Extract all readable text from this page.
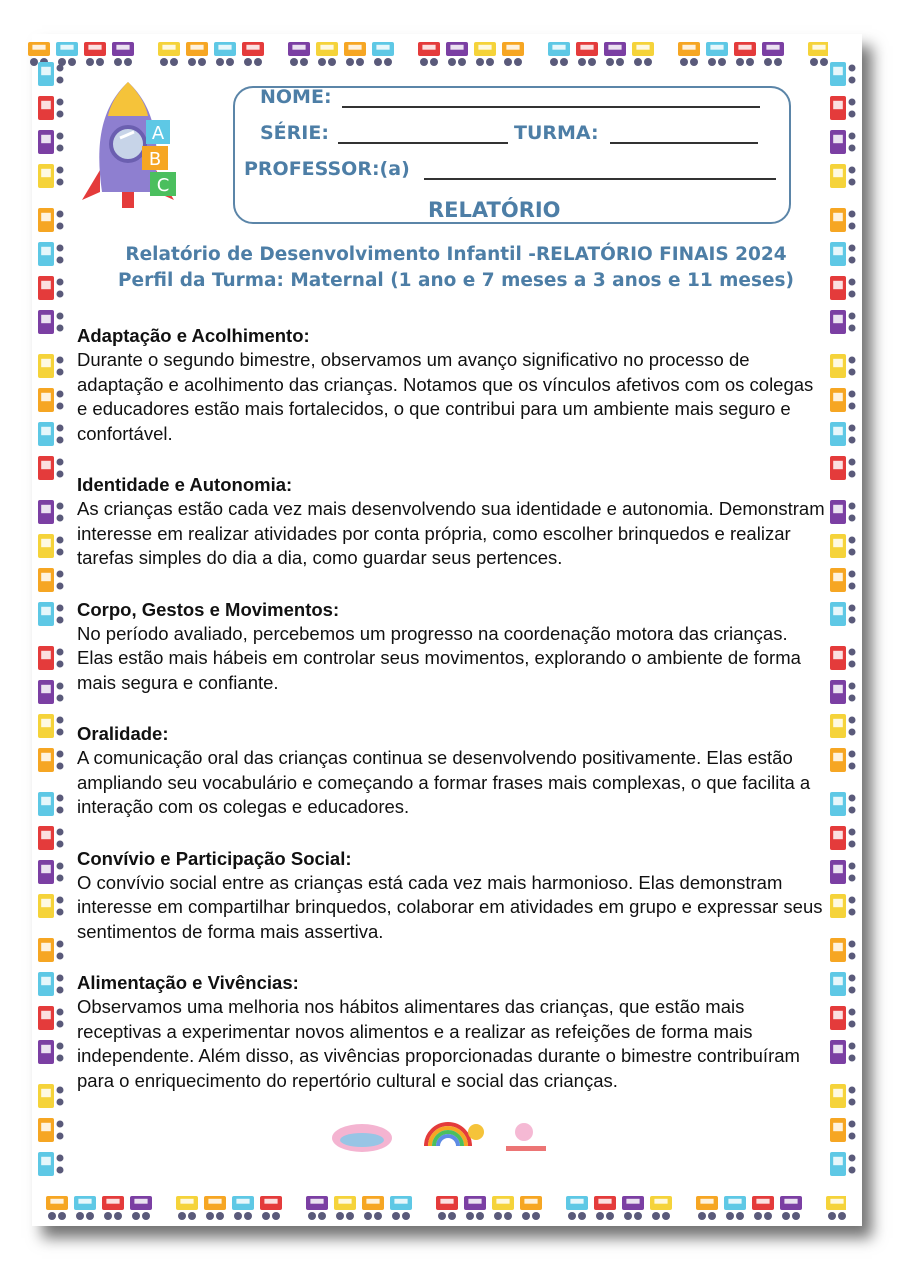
A
B
C
NOME:
SÉRIE:	TURMA:
PROFESSOR:(a)
RELATÓRIO
Relatório de Desenvolvimento Infantil -RELATÓRIO FINAIS 2024
Perfil da Turma: Maternal (1 ano e 7 meses a 3 anos e 11 meses)
Adaptação e Acolhimento:

Durante o segundo bimestre, observamos um avanço significativo no processo de adaptação e acolhimento das crianças. Notamos que os vínculos afetivos com os colegas e educadores estão mais fortalecidos, o que contribui para um ambiente mais seguro e confortável.

Identidade e Autonomia:

As crianças estão cada vez mais desenvolvendo sua identidade e autonomia. Demonstram interesse em realizar atividades por conta própria, como escolher brinquedos e realizar tarefas simples do dia a dia, como guardar seus pertences.

Corpo, Gestos e Movimentos:

No período avaliado, percebemos um progresso na coordenação motora das crianças. Elas estão mais hábeis em controlar seus movimentos, explorando o ambiente de forma mais segura e confiante.

Oralidade:

A comunicação oral das crianças continua se desenvolvendo positivamente. Elas estão ampliando seu vocabulário e começando a formar frases mais complexas, o que facilita a interação com os colegas e educadores.

Convívio e Participação Social:

O convívio social entre as crianças está cada vez mais harmonioso. Elas demonstram interesse em compartilhar brinquedos, colaborar em atividades em grupo e expressar seus sentimentos de forma mais assertiva.

Alimentação e Vivências:

Observamos uma melhoria nos hábitos alimentares das crianças, que estão mais receptivas a experimentar novos alimentos e a realizar as refeições de forma mais independente. Além disso, as vivências proporcionadas durante o bimestre contribuíram para o enriquecimento do repertório cultural e social das crianças.
